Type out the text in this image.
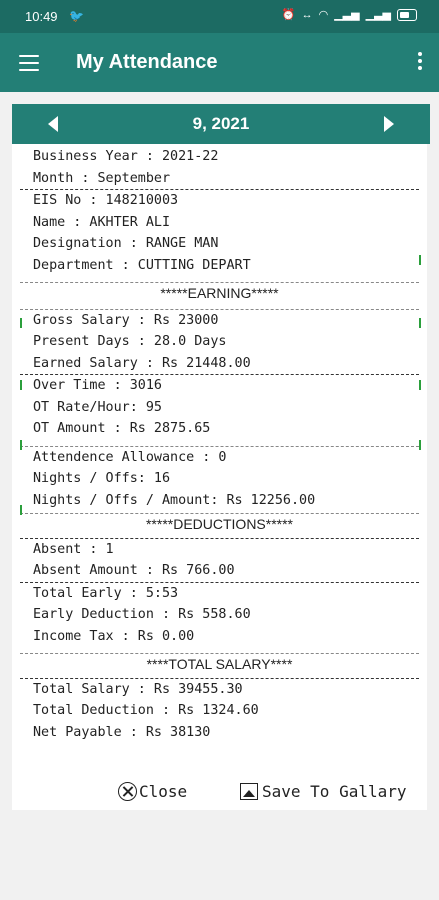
10:49 🐦	⏰ ↔ ◠ ▁▃▅ ▁▃▅
My Attendance
9, 2021
Business Year : 2021-22
Month : September
EIS No : 148210003
Name : AKHTER ALI
Designation : RANGE MAN
Department : CUTTING DEPART
*****EARNING*****
Gross Salary : Rs 23000
Present Days : 28.0 Days
Earned Salary : Rs 21448.00
Over Time : 3016
OT Rate/Hour: 95
OT Amount : Rs 2875.65
Attendence Allowance : 0
Nights / Offs: 16
Nights / Offs / Amount: Rs 12256.00
*****DEDUCTIONS*****
Absent : 1
Absent Amount : Rs 766.00
Total Early : 5:53
Early Deduction : Rs 558.60
Income Tax : Rs 0.00
****TOTAL SALARY****
Total Salary : Rs 39455.30
Total Deduction : Rs 1324.60
Net Payable : Rs 38130
Close	Save To Gallary
